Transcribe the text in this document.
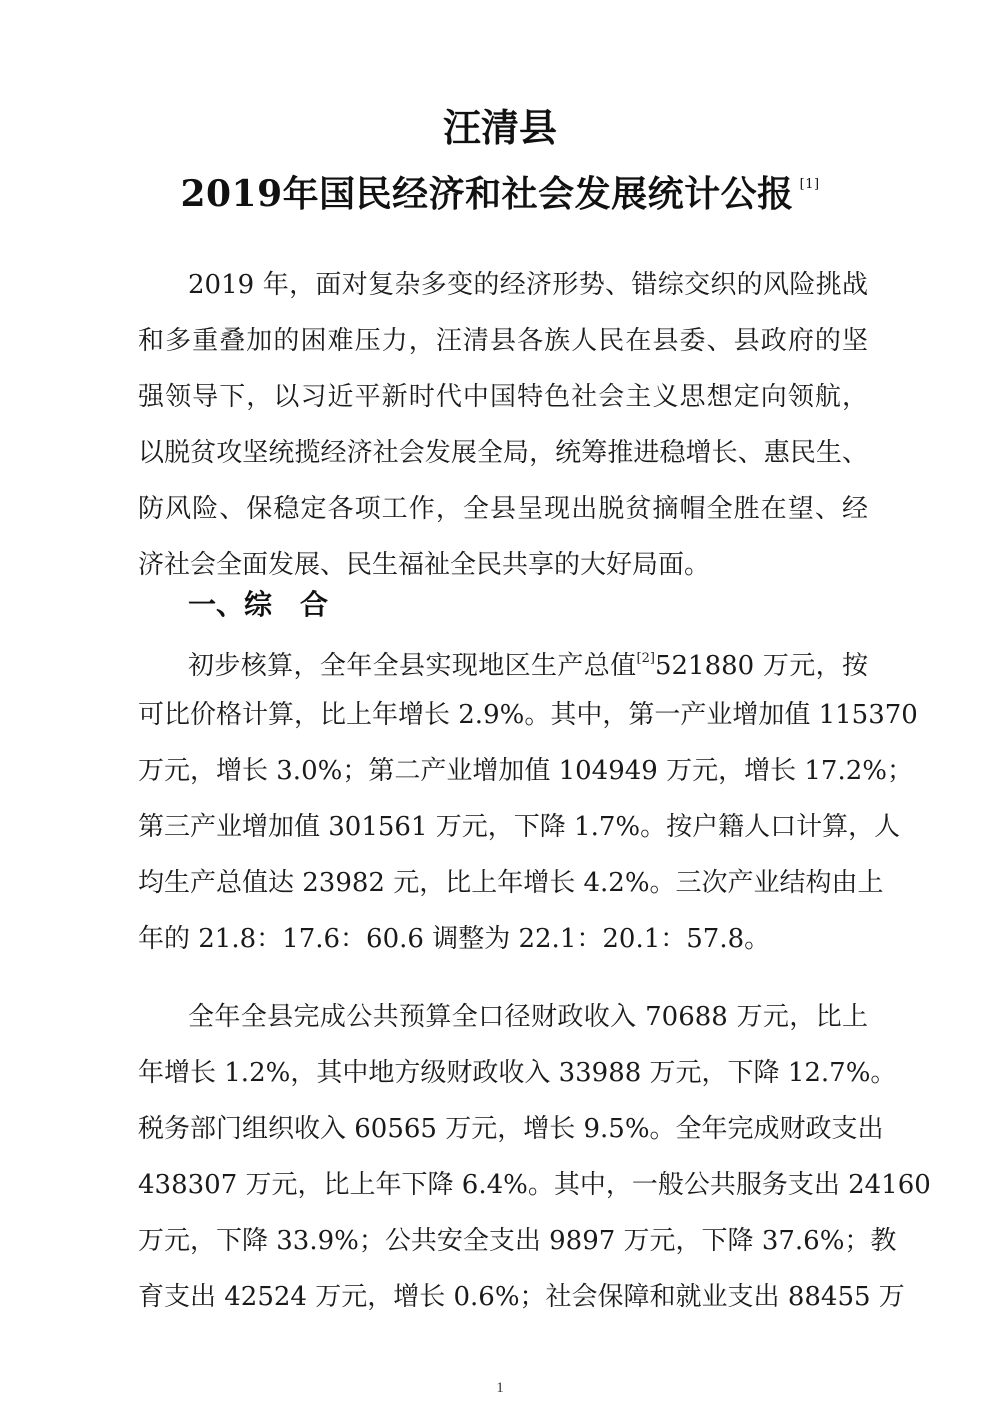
汪清县
2019年国民经济和社会发展统计公报 [1]
2019 年，面对复杂多变的经济形势、错综交织的风险挑战
和多重叠加的困难压力，汪清县各族人民在县委、县政府的坚
强领导下，以习近平新时代中国特色社会主义思想定向领航，
以脱贫攻坚统揽经济社会发展全局，统筹推进稳增长、惠民生、
防风险、保稳定各项工作，全县呈现出脱贫摘帽全胜在望、经
济社会全面发展、民生福祉全民共享的大好局面。
一、综　合
初步核算，全年全县实现地区生产总值[2]521880 万元，按
可比价格计算，比上年增长 2.9%。其中，第一产业增加值 115370
万元，增长 3.0%；第二产业增加值 104949 万元，增长 17.2%；
第三产业增加值 301561 万元，下降 1.7%。按户籍人口计算，人
均生产总值达 23982 元，比上年增长 4.2%。三次产业结构由上
年的 21.8：17.6：60.6 调整为 22.1：20.1：57.8。
全年全县完成公共预算全口径财政收入 70688 万元，比上
年增长 1.2%，其中地方级财政收入 33988 万元，下降 12.7%。
税务部门组织收入 60565 万元，增长 9.5%。全年完成财政支出
438307 万元，比上年下降 6.4%。其中，一般公共服务支出 24160
万元，下降 33.9%；公共安全支出 9897 万元，下降 37.6%；教
育支出 42524 万元，增长 0.6%；社会保障和就业支出 88455 万
1
